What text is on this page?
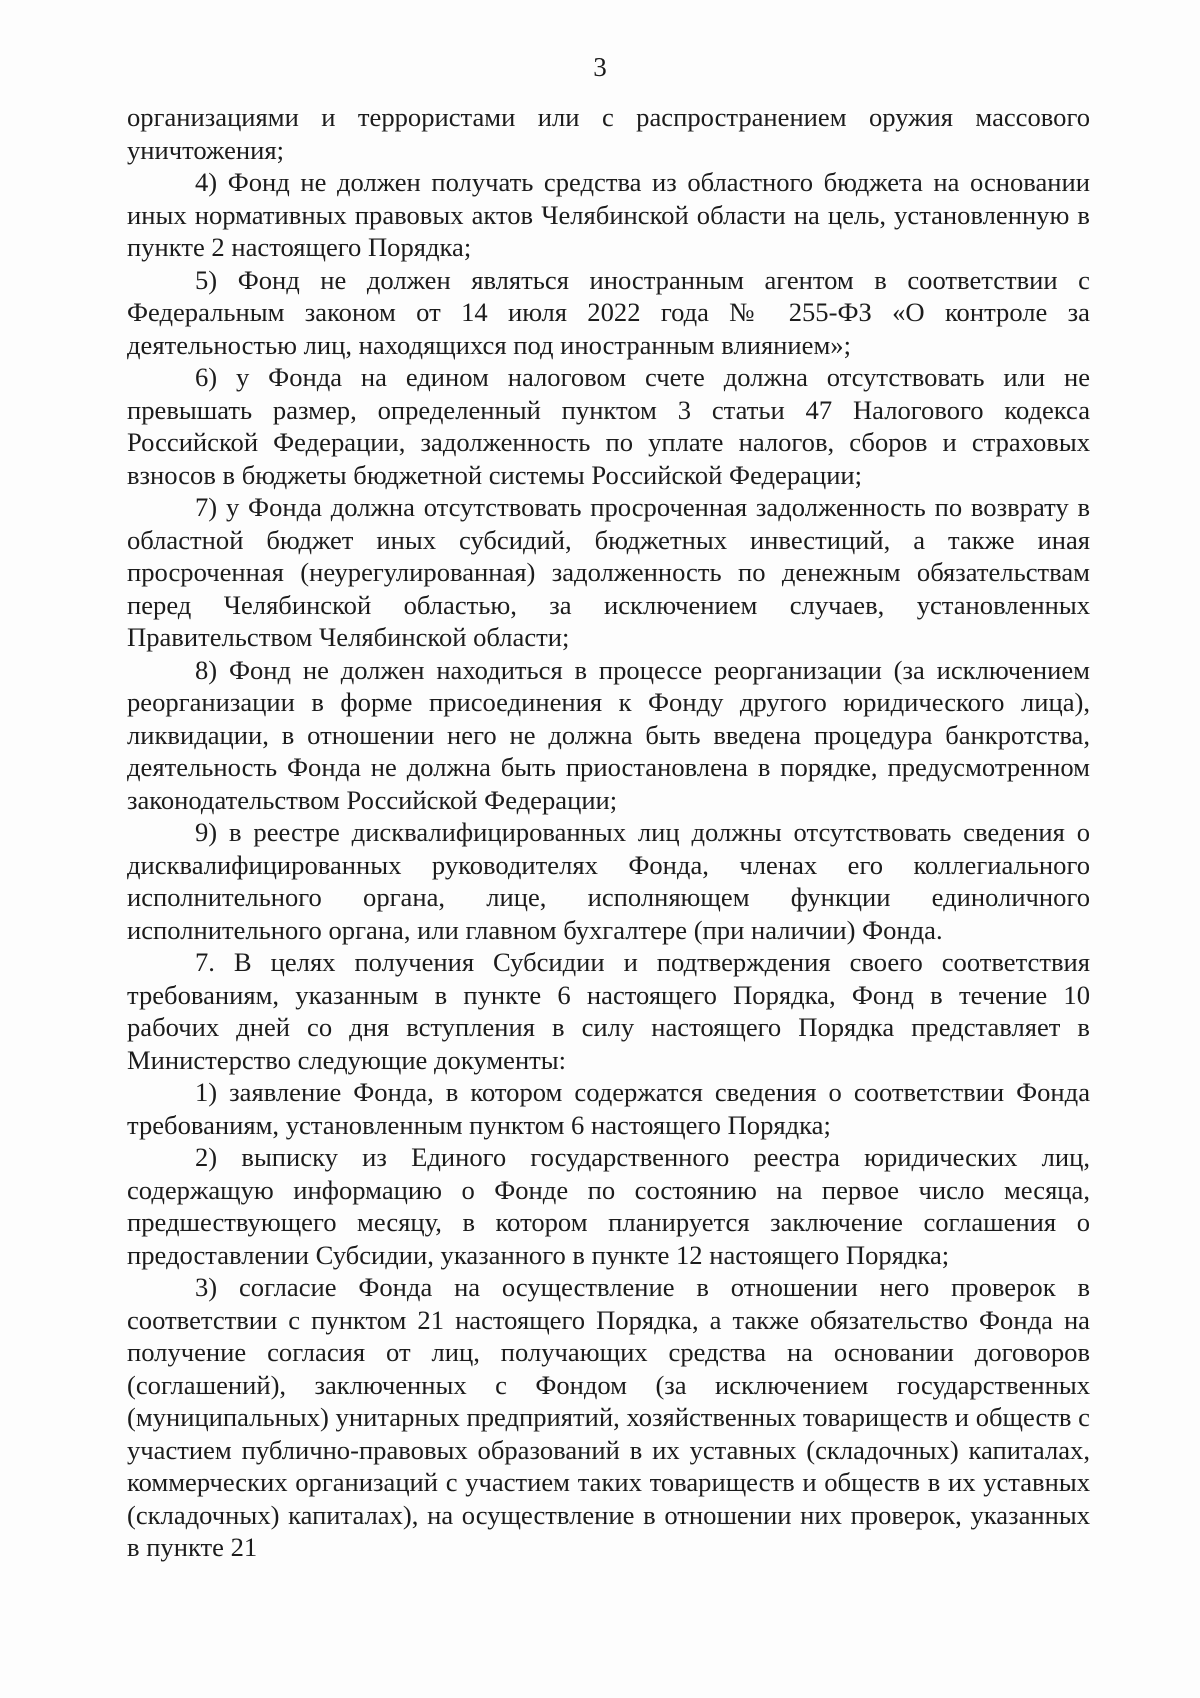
3

организациями и террористами или с распространением оружия массового уничтожения;

4) Фонд не должен получать средства из областного бюджета на основании иных нормативных правовых актов Челябинской области на цель, установленную в пункте 2 настоящего Порядка;

5) Фонд не должен являться иностранным агентом в соответствии с Федеральным законом от 14 июля 2022 года № 255-ФЗ «О контроле за деятельностью лиц, находящихся под иностранным влиянием»;

6) у Фонда на едином налоговом счете должна отсутствовать или не превышать размер, определенный пунктом 3 статьи 47 Налогового кодекса Российской Федерации, задолженность по уплате налогов, сборов и страховых взносов в бюджеты бюджетной системы Российской Федерации;

7) у Фонда должна отсутствовать просроченная задолженность по возврату в областной бюджет иных субсидий, бюджетных инвестиций, а также иная просроченная (неурегулированная) задолженность по денежным обязательствам перед Челябинской областью, за исключением случаев, установленных Правительством Челябинской области;

8) Фонд не должен находиться в процессе реорганизации (за исключением реорганизации в форме присоединения к Фонду другого юридического лица), ликвидации, в отношении него не должна быть введена процедура банкротства, деятельность Фонда не должна быть приостановлена в порядке, предусмотренном законодательством Российской Федерации;

9) в реестре дисквалифицированных лиц должны отсутствовать сведения о дисквалифицированных руководителях Фонда, членах его коллегиального исполнительного органа, лице, исполняющем функции единоличного исполнительного органа, или главном бухгалтере (при наличии) Фонда.

7. В целях получения Субсидии и подтверждения своего соответствия требованиям, указанным в пункте 6 настоящего Порядка, Фонд в течение 10 рабочих дней со дня вступления в силу настоящего Порядка представляет в Министерство следующие документы:

1) заявление Фонда, в котором содержатся сведения о соответствии Фонда требованиям, установленным пунктом 6 настоящего Порядка;

2) выписку из Единого государственного реестра юридических лиц, содержащую информацию о Фонде по состоянию на первое число месяца, предшествующего месяцу, в котором планируется заключение соглашения о предоставлении Субсидии, указанного в пункте 12 настоящего Порядка;

3) согласие Фонда на осуществление в отношении него проверок в соответствии с пунктом 21 настоящего Порядка, а также обязательство Фонда на получение согласия от лиц, получающих средства на основании договоров (соглашений), заключенных с Фондом (за исключением государственных (муниципальных) унитарных предприятий, хозяйственных товариществ и обществ с участием публично-правовых образований в их уставных (складочных) капиталах, коммерческих организаций с участием таких товариществ и обществ в их уставных (складочных) капиталах), на осуществление в отношении них проверок, указанных в пункте 21
